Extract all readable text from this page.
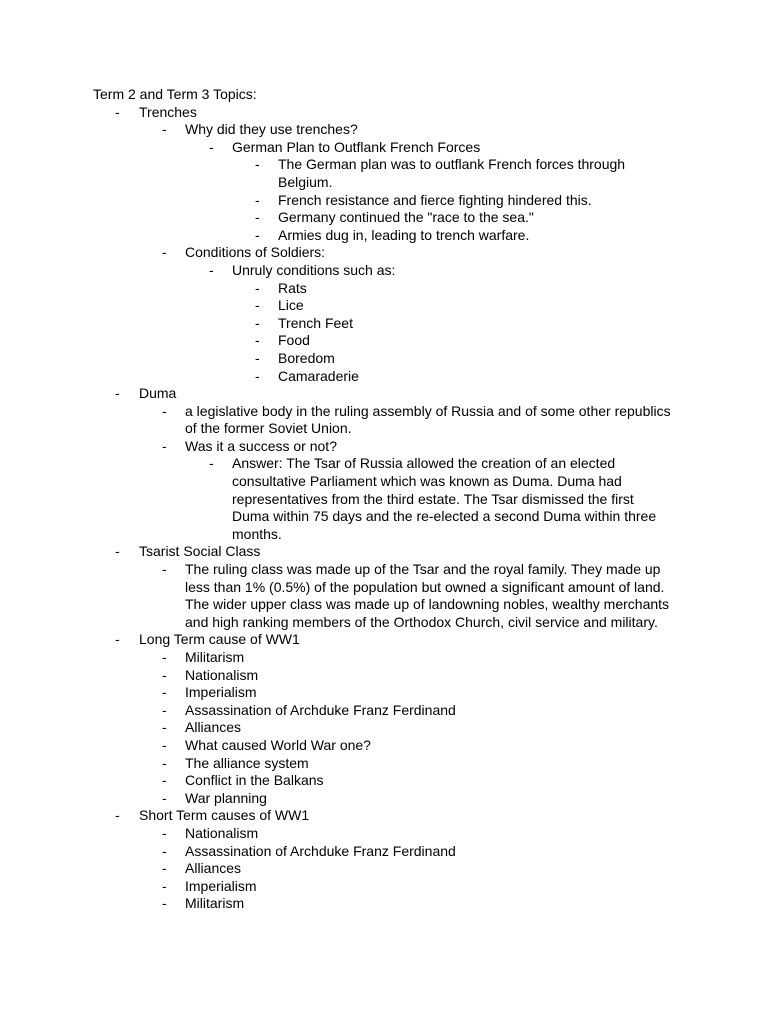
Term 2 and Term 3 Topics:
- Trenches
- Why did they use trenches?
- German Plan to Outflank French Forces
- The German plan was to outflank French forces through Belgium.
- French resistance and fierce fighting hindered this.
- Germany continued the "race to the sea."
- Armies dug in, leading to trench warfare.
- Conditions of Soldiers:
- Unruly conditions such as:
- Rats
- Lice
- Trench Feet
- Food
- Boredom
- Camaraderie
- Duma
- a legislative body in the ruling assembly of Russia and of some other republics of the former Soviet Union.
- Was it a success or not?
- Answer: The Tsar of Russia allowed the creation of an elected consultative Parliament which was known as Duma. Duma had representatives from the third estate. The Tsar dismissed the first Duma within 75 days and the re-elected a second Duma within three months.
- Tsarist Social Class
- The ruling class was made up of the Tsar and the royal family. They made up less than 1% (0.5%) of the population but owned a significant amount of land. The wider upper class was made up of landowning nobles, wealthy merchants and high ranking members of the Orthodox Church, civil service and military.
- Long Term cause of WW1
- Militarism
- Nationalism
- Imperialism
- Assassination of Archduke Franz Ferdinand
- Alliances
- What caused World War one?
- The alliance system
- Conflict in the Balkans
- War planning
- Short Term causes of WW1
- Nationalism
- Assassination of Archduke Franz Ferdinand
- Alliances
- Imperialism
- Militarism
